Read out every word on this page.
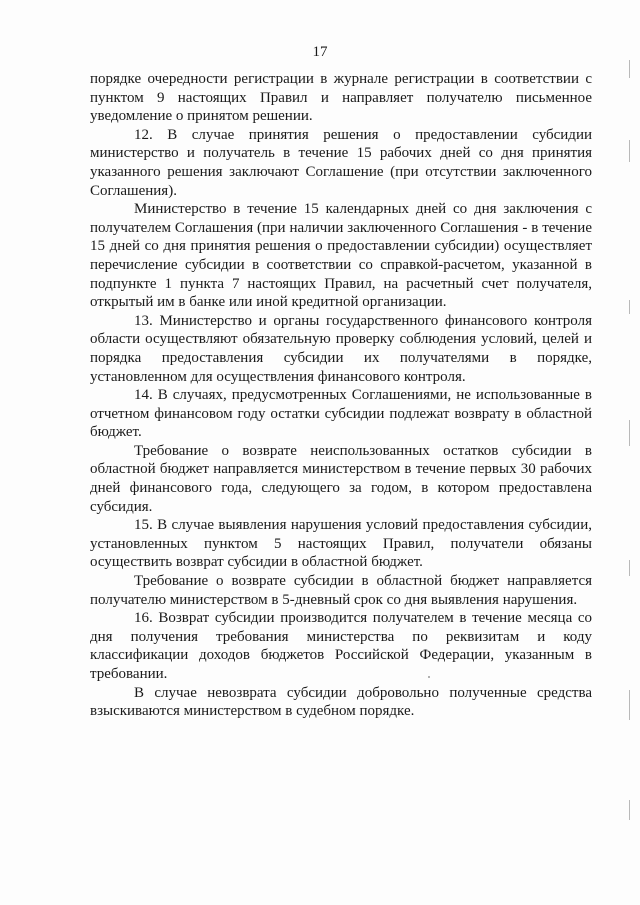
17

порядке очередности регистрации в журнале регистрации в соответствии с пунктом 9 настоящих Правил и направляет получателю письменное уведомление о принятом решении.

12. В случае принятия решения о предоставлении субсидии министерство и получатель в течение 15 рабочих дней со дня принятия указанного решения заключают Соглашение (при отсутствии заключенного Соглашения).

Министерство в течение 15 календарных дней со дня заключения с получателем Соглашения (при наличии заключенного Соглашения - в течение 15 дней со дня принятия решения о предоставлении субсидии) осуществляет перечисление субсидии в соответствии со справкой-расчетом, указанной в подпункте 1 пункта 7 настоящих Правил, на расчетный счет получателя, открытый им в банке или иной кредитной организации.

13. Министерство и органы государственного финансового контроля области осуществляют обязательную проверку соблюдения условий, целей и порядка предоставления субсидии их получателями в порядке, установленном для осуществления финансового контроля.

14. В случаях, предусмотренных Соглашениями, не использованные в отчетном финансовом году остатки субсидии подлежат возврату в областной бюджет.

Требование о возврате неиспользованных остатков субсидии в областной бюджет направляется министерством в течение первых 30 рабочих дней финансового года, следующего за годом, в котором предоставлена субсидия.

15. В случае выявления нарушения условий предоставления субсидии, установленных пунктом 5 настоящих Правил, получатели обязаны осуществить возврат субсидии в областной бюджет.

Требование о возврате субсидии в областной бюджет направляется получателю министерством в 5-дневный срок со дня выявления нарушения.

16. Возврат субсидии производится получателем в течение месяца со дня получения требования министерства по реквизитам и коду классификации доходов бюджетов Российской Федерации, указанным в требовании.

В случае невозврата субсидии добровольно полученные средства взыскиваются министерством в судебном порядке.
